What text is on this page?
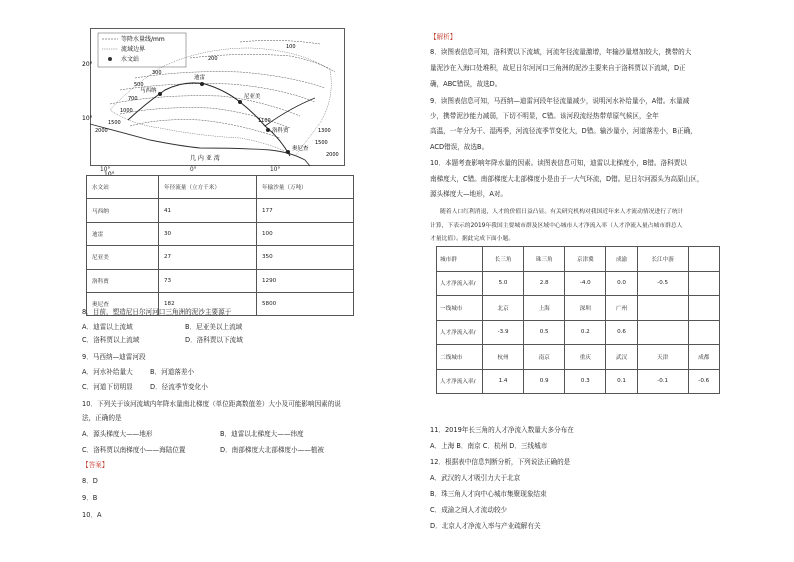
等降水量线/mm
流域边界
水文站
20°
10°
马西纳
迪雷
尼亚美
洛科贾
奥尼查
2000
1500
1000
700
500
300
200
100
1100
1300
1500
2000
几 内 亚 湾
10°
10°	0°	10°
水文站	年径流量（立方千米）	年输沙量（万吨）
马西纳	41	177
迪雷	30	100
尼亚美	27	350
洛科贾	73	1290
奥尼查	182	5800
8．目前，塑造尼日尔河河口三角洲的泥沙主要源于
A．迪雷以上流域	B．尼亚美以上流域
C．洛科贾以上流域	D．洛科贾以下流域
9．马西纳—迪雷河段
A．河水补给量大	B．河道落差小
C．河道下切明显	D．径流季节变化小
10．下列关于该河流域内年降水量南北梯度（单位距离数值差）大小及可能影响因素的说
法，正确的是
A．源头梯度大——地形	B．迪雷以北梯度大——纬度
C．洛科贾以南梯度小——海陆位置	D．南部梯度大北部梯度小——植被
【答案】
8．D
9．B
10．A
【解析】
8．读图表信息可知，洛科贾以下流域，河流年径流量激增，年输沙量增加较大，携带的大
量泥沙在入海口处堆积，故尼日尔河河口三角洲的泥沙主要来自于洛科贾以下流域，D正
确，ABC错误，故选D。
9．读图表信息可知，马西纳—迪雷河段年径流量减少，说明河水补给量小，A错。水量减
少，携带泥沙能力减弱，下切不明显，C错。该河段流经热带草原气候区，全年
高温，一年分为干、湿两季，河流径流季节变化大，D错。输沙量小，河道落差小，B正确，
ACD错误，故选B。
10．本题考查影响年降水量的因素。读图表信息可知，迪雷以北梯度小，B错。洛科贾以
南梯度大，C错。南部梯度大北部梯度小是由于一大气环流，D错。尼日尔河源头为高原山区，
源头梯度大—地形，A对。
随着人口红利消退，人才的价值日益凸显。有关研究机构对我国近年来人才流动情况进行了统计
计算，下表示的2019年我国主要城市群及区域中心城市人才净流入率（人才净流入量占城市群总人
才量比值）。据此完成下面小题。
城市群	长三角	珠三角	京津冀	成渝	长江中游	
人才净流入率/	5.0	2.8	-4.0	0.0	-0.5	
一线城市	北京	上海	深圳	广州		
人才净流入率/	-3.9	0.5	0.2	0.6		
二线城市	杭州	南京	重庆	武汉	天津	成都
人才净流入率/	1.4	0.9	0.3	0.1	-0.1	-0.6
11．2019年长三角的人才净流入数量大多分布在
A．上海 B．南京 C．杭州 D．三线城市
12．根据表中信息判断分析，下列说法正确的是
A．武汉的人才吸引力大于北京
B．珠三角人才向中心城市集聚现象结束
C．成渝之间人才流动较少
D．北京人才净流入率与产业疏解有关
